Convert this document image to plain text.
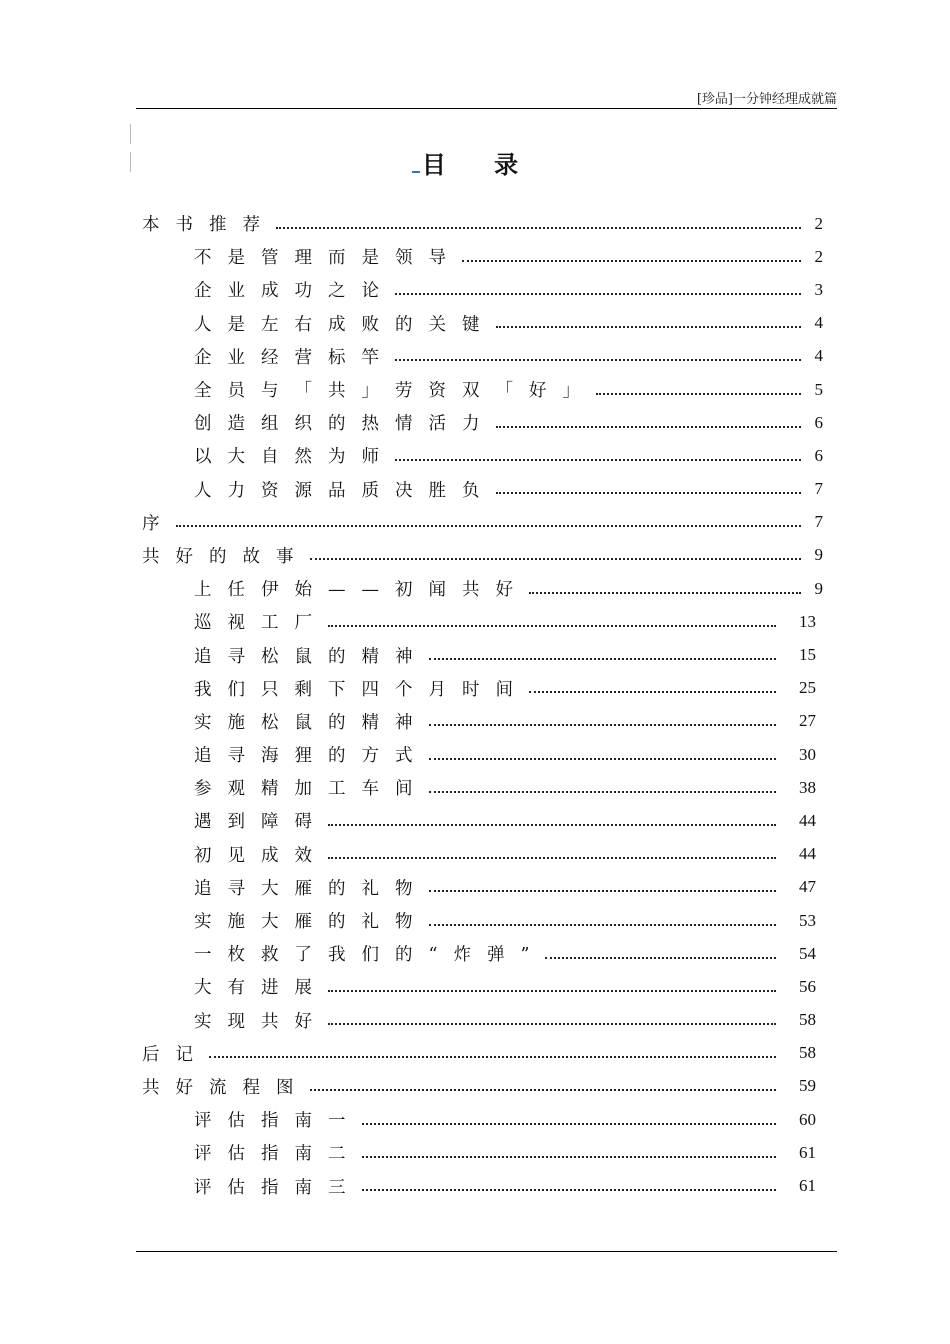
[珍品]一分钟经理成就篇
目 录
本书推荐	2
不是管理而是领导	2
企业成功之论	3
人是左右成败的关键	4
企业经营标竿	4
全员与「共」劳资双「好」	5
创造组织的热情活力	6
以大自然为师	6
人力资源品质决胜负	7
序	7
共好的故事	9
上任伊始——初闻共好	9
巡视工厂	13
追寻松鼠的精神	15
我们只剩下四个月时间	25
实施松鼠的精神	27
追寻海狸的方式	30
参观精加工车间	38
遇到障碍	44
初见成效	44
追寻大雁的礼物	47
实施大雁的礼物	53
一枚救了我们的“炸弹”	54
大有进展	56
实现共好	58
后记	58
共好流程图	59
评估指南一	60
评估指南二	61
评估指南三	61
